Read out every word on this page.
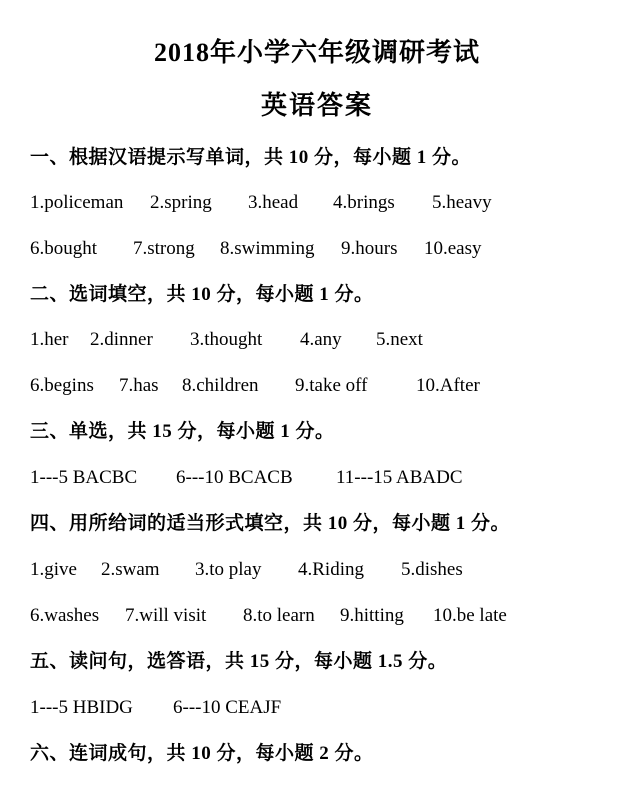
2018年小学六年级调研考试
英语答案
一、根据汉语提示写单词，共 10 分，每小题 1 分。
1.policeman 2.spring 3.head 4.brings 5.heavy
6.bought 7.strong 8.swimming 9.hours 10.easy
二、选词填空，共 10 分，每小题 1 分。
1.her 2.dinner 3.thought 4.any 5.next
6.begins 7.has 8.children 9.take off	10.After
三、单选，共 15 分，每小题 1 分。
1---5 BACBC 6---10 BCACB 11---15 ABADC
四、用所给词的适当形式填空，共 10 分，每小题 1 分。
1.give 2.swam 3.to play 4.Riding 5.dishes
6.washes 7.will visit 8.to learn 9.hitting 10.be late
五、读问句，选答语，共 15 分，每小题 1.5 分。
1---5 HBIDG 6---10 CEAJF
六、连词成句，共 10 分，每小题 2 分。
